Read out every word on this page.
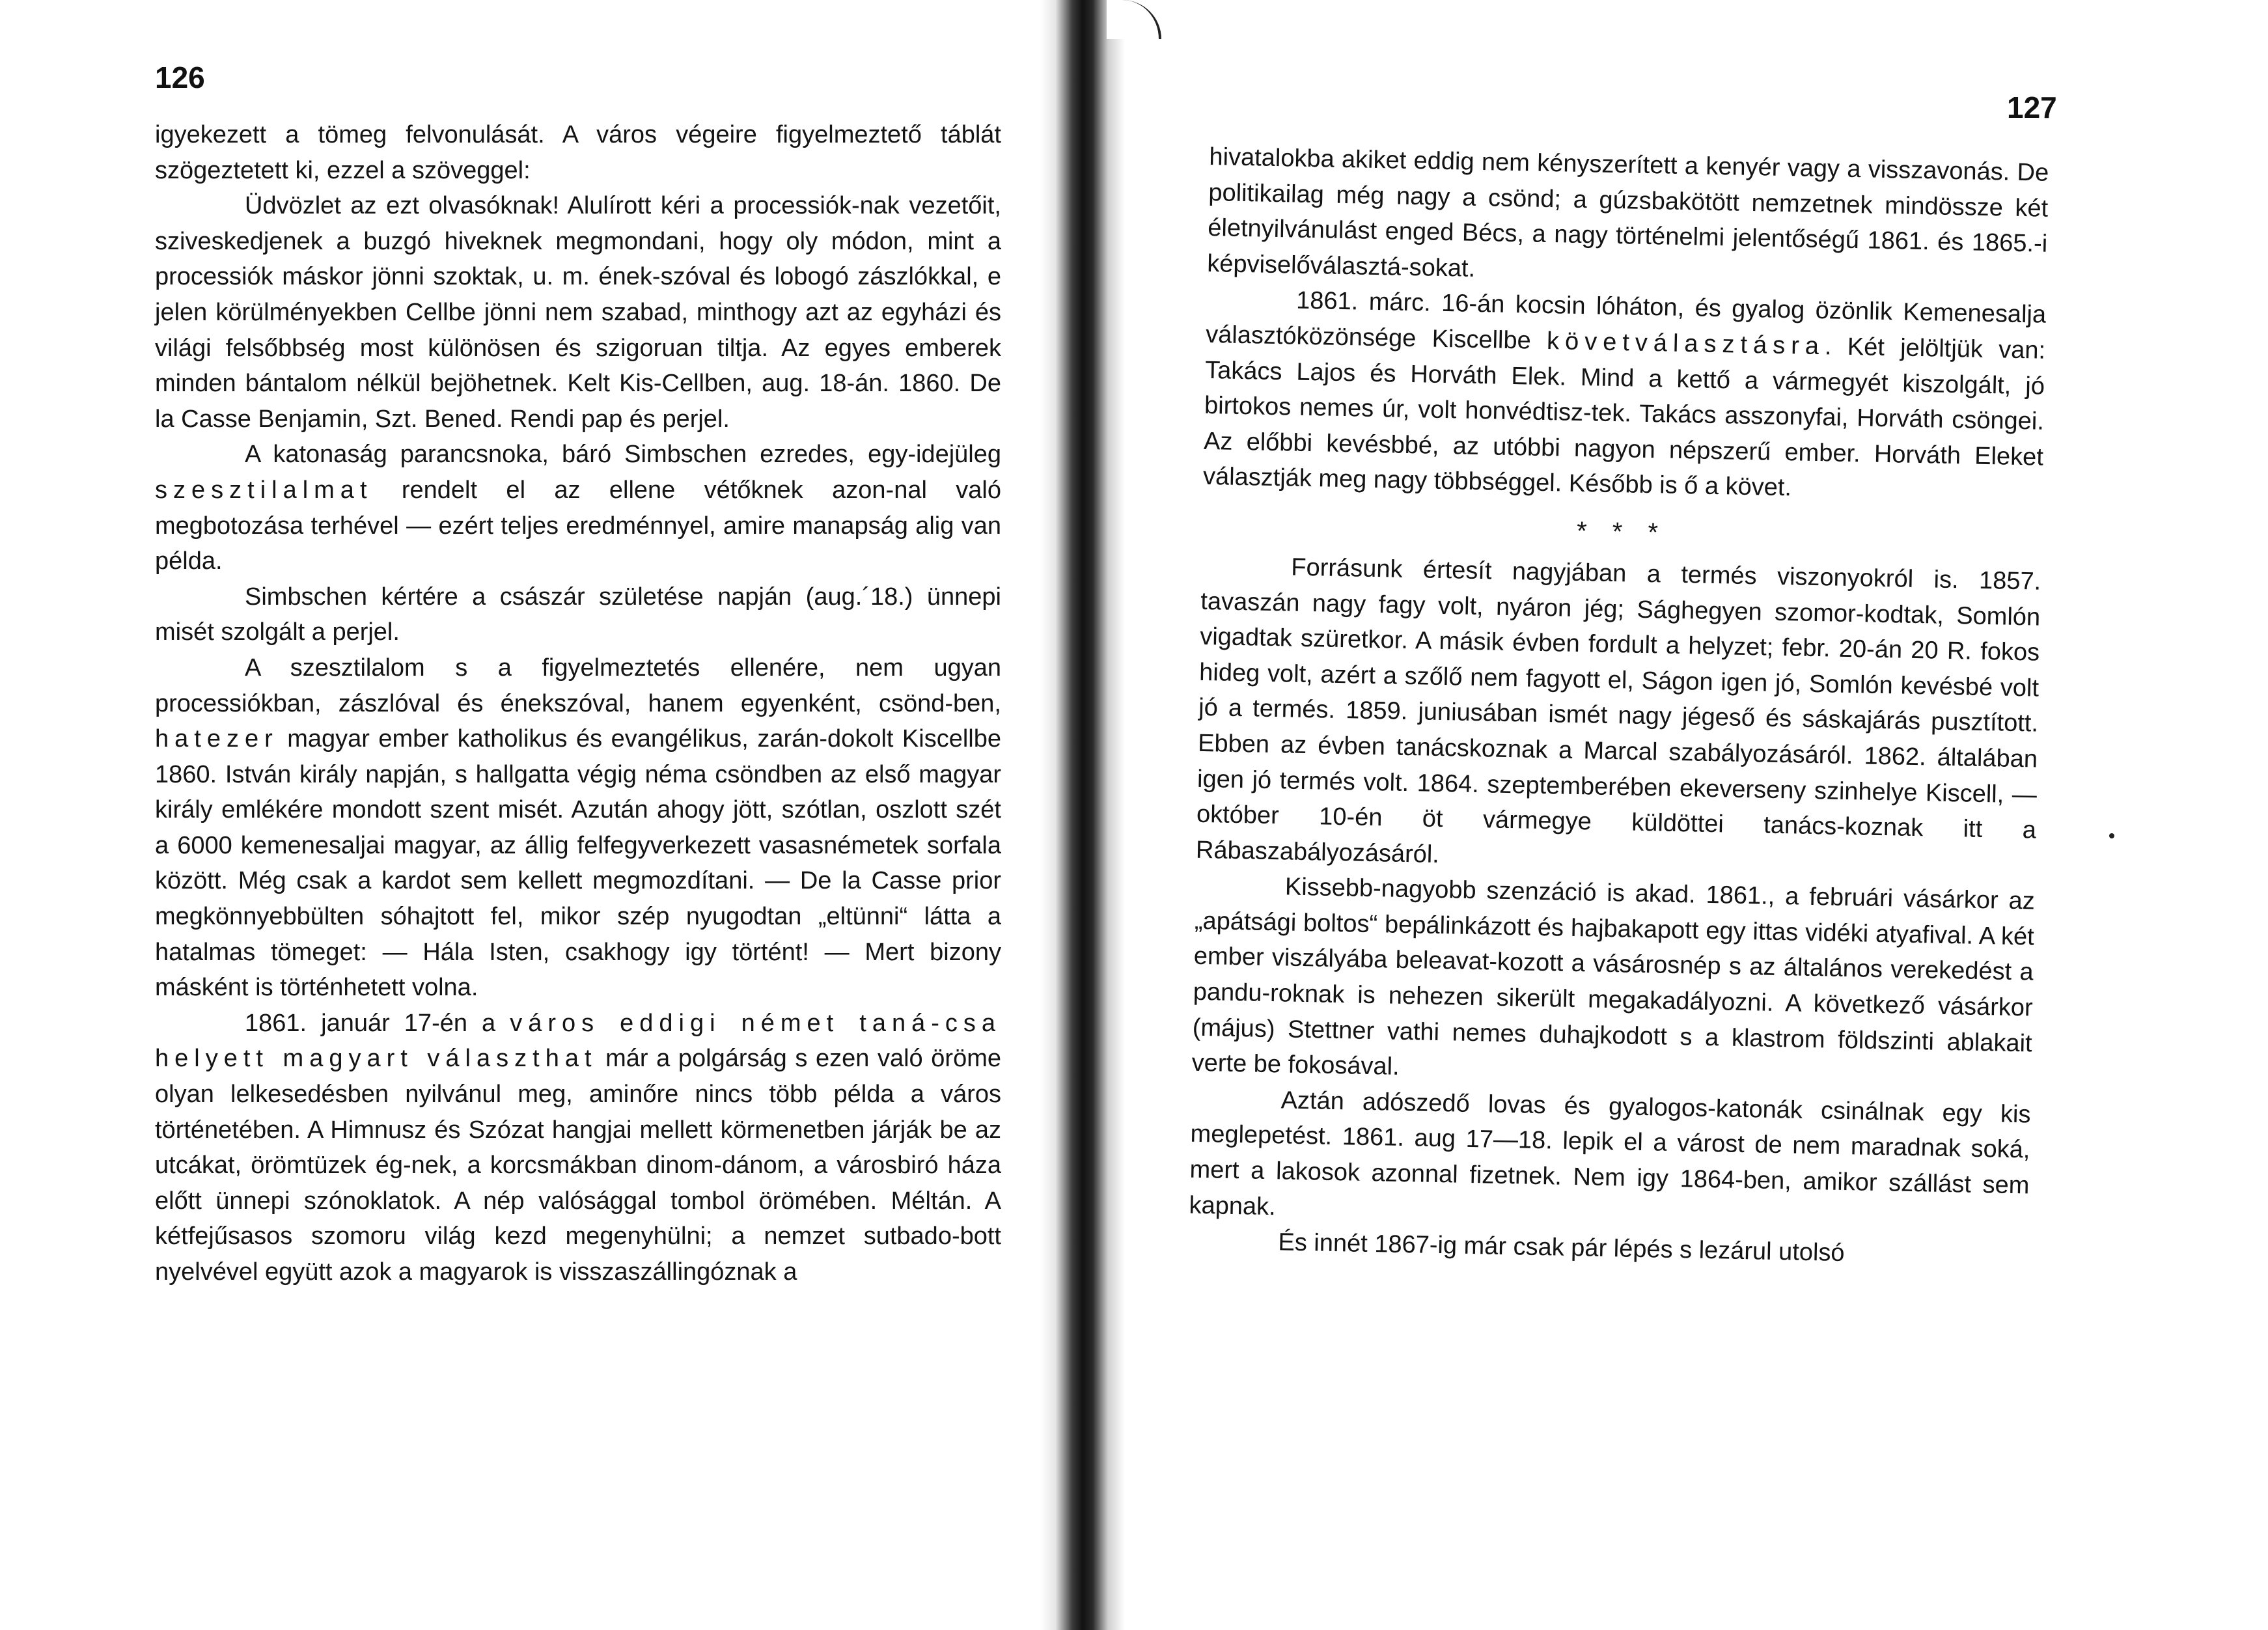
126

igyekezett a tömeg felvonulását. A város végeire figyelmeztető táblát szögeztetett ki, ezzel a szöveggel:

Üdvözlet az ezt olvasóknak! Alulírott kéri a processiók-nak vezetőit, sziveskedjenek a buzgó hiveknek megmondani, hogy oly módon, mint a processiók máskor jönni szoktak, u. m. ének-szóval és lobogó zászlókkal, e jelen körülményekben Cellbe jönni nem szabad, minthogy azt az egyházi és világi felsőbbség most különösen és szigoruan tiltja. Az egyes emberek minden bántalom nélkül bejöhetnek. Kelt Kis-Cellben, aug. 18-án. 1860. De la Casse Benjamin, Szt. Bened. Rendi pap és perjel.

A katonaság parancsnoka, báró Simbschen ezredes, egy-idejüleg szesztilalmat rendelt el az ellene vétőknek azon-nal való megbotozása terhével — ezért teljes eredménnyel, amire manapság alig van példa.

Simbschen kértére a császár születése napján (aug.´18.) ünnepi misét szolgált a perjel.

A szesztilalom s a figyelmeztetés ellenére, nem ugyan processiókban, zászlóval és énekszóval, hanem egyenként, csönd-ben, hatezer magyar ember katholikus és evangélikus, zarán-dokolt Kiscellbe 1860. István király napján, s hallgatta végig néma csöndben az első magyar király emlékére mondott szent misét. Azután ahogy jött, szótlan, oszlott szét a 6000 kemenesaljai magyar, az állig felfegyverkezett vasasnémetek sorfala között. Még csak a kardot sem kellett megmozdítani. — De la Casse prior megkönnyebbülten sóhajtott fel, mikor szép nyugodtan „eltünni“ látta a hatalmas tömeget: — Hála Isten, csakhogy igy történt! — Mert bizony másként is történhetett volna.

1861. január 17-én a város eddigi német taná-csa helyett magyart választhat már a polgárság s ezen való öröme olyan lelkesedésben nyilvánul meg, aminőre nincs több példa a város történetében. A Himnusz és Szózat hangjai mellett körmenetben járják be az utcákat, örömtüzek ég-nek, a korcsmákban dinom-dánom, a városbiró háza előtt ünnepi szónoklatok. A nép valósággal tombol örömében. Méltán. A kétfejűsasos szomoru világ kezd megenyhülni; a nemzet sutbado-bott nyelvével együtt azok a magyarok is visszaszállingóznak a

127

hivatalokba akiket eddig nem kényszerített a kenyér vagy a visszavonás. De politikailag még nagy a csönd; a gúzsbakötött nemzetnek mindössze két életnyilvánulást enged Bécs, a nagy történelmi jelentőségű 1861. és 1865.-i képviselőválasztá-sokat.

1861. márc. 16-án kocsin lóháton, és gyalog özönlik Kemenesalja választóközönsége Kiscellbe követválasztásra. Két jelöltjük van: Takács Lajos és Horváth Elek. Mind a kettő a vármegyét kiszolgált, jó birtokos nemes úr, volt honvédtisz-tek. Takács asszonyfai, Horváth csöngei. Az előbbi kevésbbé, az utóbbi nagyon népszerű ember. Horváth Eleket választják meg nagy többséggel. Később is ő a követ.

* * *

Forrásunk értesít nagyjában a termés viszonyokról is. 1857. tavaszán nagy fagy volt, nyáron jég; Sághegyen szomor-kodtak, Somlón vigadtak szüretkor. A másik évben fordult a helyzet; febr. 20-án 20 R. fokos hideg volt, azért a szőlő nem fagyott el, Ságon igen jó, Somlón kevésbé volt jó a termés. 1859. juniusában ismét nagy jégeső és sáskajárás pusztított. Ebben az évben tanácskoznak a Marcal szabályozásáról. 1862. általában igen jó termés volt. 1864. szeptemberében ekeverseny szinhelye Kiscell, — október 10-én öt vármegye küldöttei tanács-koznak itt a Rábaszabályozásáról.

Kissebb-nagyobb szenzáció is akad. 1861., a februári vásárkor az „apátsági boltos“ bepálinkázott és hajbakapott egy ittas vidéki atyafival. A két ember viszályába beleavat-kozott a vásárosnép s az általános verekedést a pandu-roknak is nehezen sikerült megakadályozni. A következő vásárkor (május) Stettner vathi nemes duhajkodott s a klastrom földszinti ablakait verte be fokosával.

Aztán adószedő lovas és gyalogos-katonák csinálnak egy kis meglepetést. 1861. aug 17—18. lepik el a várost de nem maradnak soká, mert a lakosok azonnal fizetnek. Nem igy 1864-ben, amikor szállást sem kapnak.

És innét 1867-ig már csak pár lépés s lezárul utolsó
